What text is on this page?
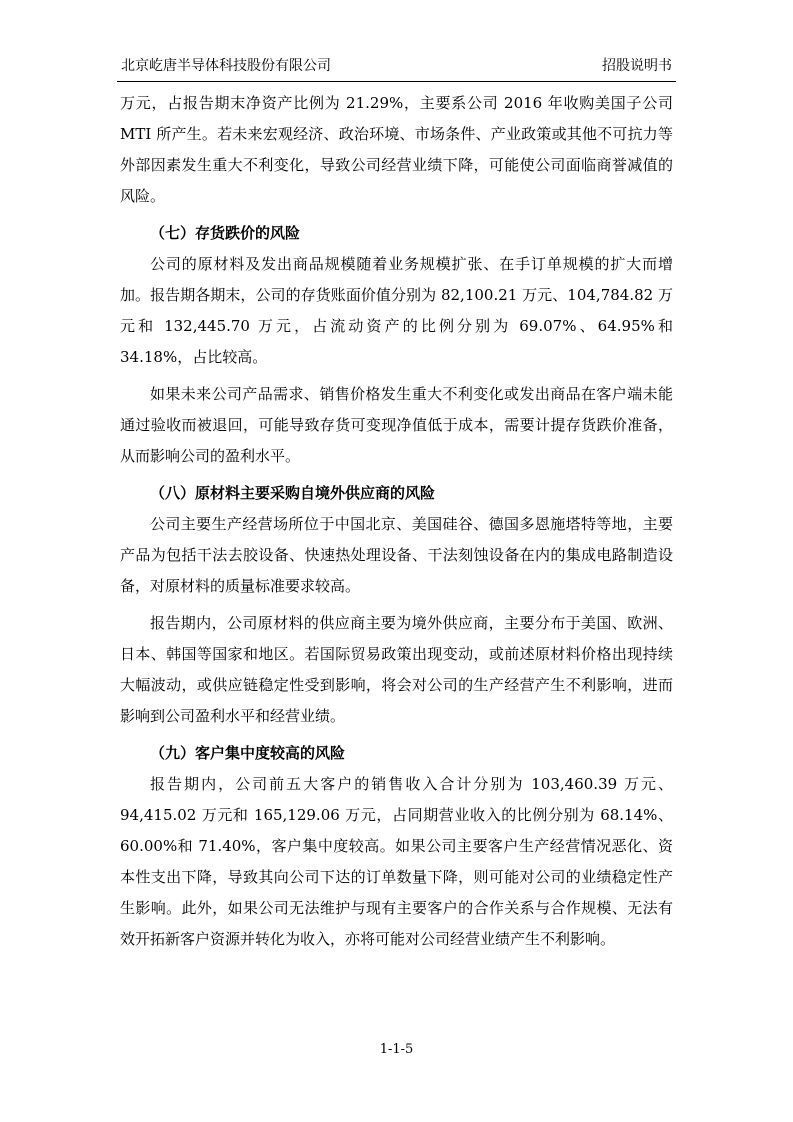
北京屹唐半导体科技股份有限公司	招股说明书

万元，占报告期末净资产比例为 21.29%，主要系公司 2016 年收购美国子公司 MTI 所产生。若未来宏观经济、政治环境、市场条件、产业政策或其他不可抗力等外部因素发生重大不利变化，导致公司经营业绩下降，可能使公司面临商誉减值的风险。

（七）存货跌价的风险

公司的原材料及发出商品规模随着业务规模扩张、在手订单规模的扩大而增加。报告期各期末，公司的存货账面价值分别为 82,100.21 万元、104,784.82 万元和 132,445.70 万元，占流动资产的比例分别为 69.07%、64.95%和 34.18%，占比较高。

如果未来公司产品需求、销售价格发生重大不利变化或发出商品在客户端未能通过验收而被退回，可能导致存货可变现净值低于成本，需要计提存货跌价准备，从而影响公司的盈利水平。

（八）原材料主要采购自境外供应商的风险

公司主要生产经营场所位于中国北京、美国硅谷、德国多恩施塔特等地，主要产品为包括干法去胶设备、快速热处理设备、干法刻蚀设备在内的集成电路制造设备，对原材料的质量标准要求较高。

报告期内，公司原材料的供应商主要为境外供应商，主要分布于美国、欧洲、日本、韩国等国家和地区。若国际贸易政策出现变动，或前述原材料价格出现持续大幅波动，或供应链稳定性受到影响，将会对公司的生产经营产生不利影响，进而影响到公司盈利水平和经营业绩。

（九）客户集中度较高的风险

报告期内，公司前五大客户的销售收入合计分别为 103,460.39 万元、94,415.02 万元和 165,129.06 万元，占同期营业收入的比例分别为 68.14%、60.00%和 71.40%，客户集中度较高。如果公司主要客户生产经营情况恶化、资本性支出下降，导致其向公司下达的订单数量下降，则可能对公司的业绩稳定性产生影响。此外，如果公司无法维护与现有主要客户的合作关系与合作规模、无法有效开拓新客户资源并转化为收入，亦将可能对公司经营业绩产生不利影响。

1-1-5
